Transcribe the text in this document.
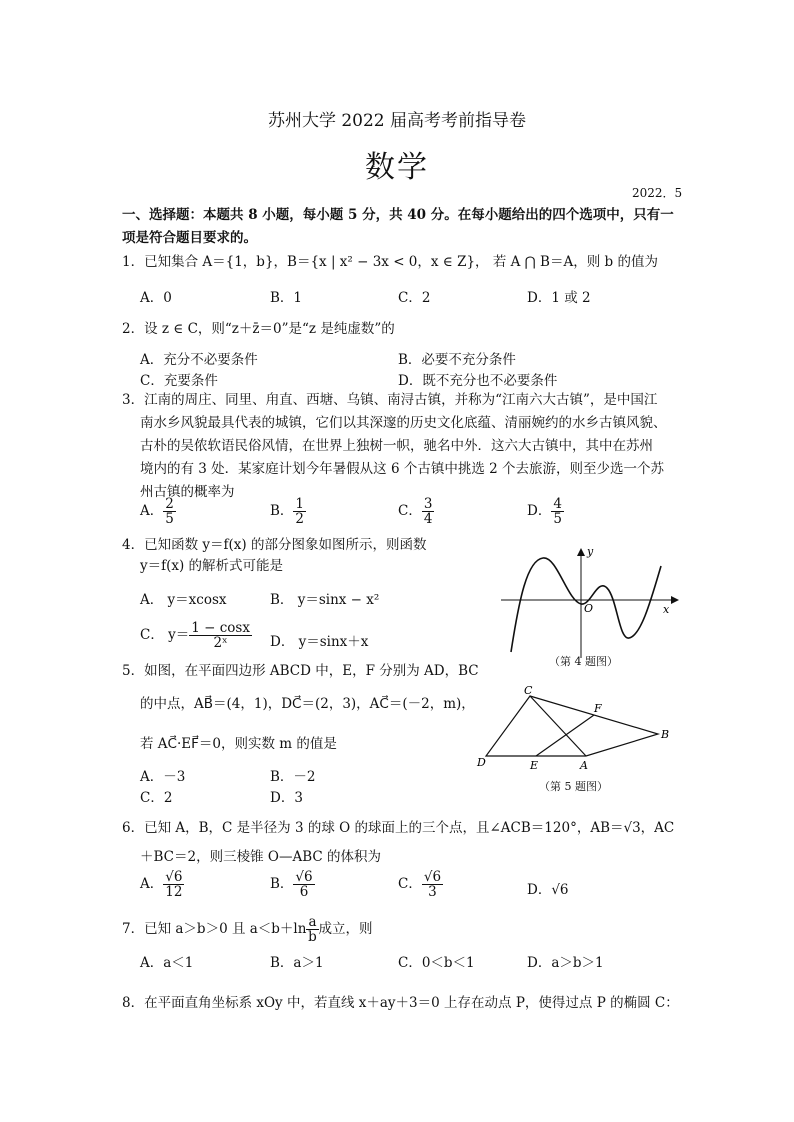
苏州大学 2022 届高考考前指导卷
数学
2022．5
一、选择题：本题共 8 小题，每小题 5 分，共 40 分。在每小题给出的四个选项中，只有一项是符合题目要求的。
1．已知集合 A＝{1，b}，B＝{x | x² − 3x < 0，x ∈ Z}， 若 A ⋂ B＝A，则 b 的值为
A．0	B．1	C．2	D．1 或 2
2．设 z ∈ C，则“z＋z̄＝0”是“z 是纯虚数”的
A．充分不必要条件	B．必要不充分条件
C．充要条件	D．既不充分也不必要条件
3．江南的周庄、同里、甪直、西塘、乌镇、南浔古镇，并称为“江南六大古镇”，是中国江
南水乡风貌最具代表的城镇，它们以其深邃的历史文化底蕴、清丽婉约的水乡古镇风貌、
古朴的吴侬软语民俗风情，在世界上独树一帜，驰名中外．这六大古镇中，其中在苏州
境内的有 3 处．某家庭计划今年暑假从这 6 个古镇中挑选 2 个去旅游，则至少选一个苏
州古镇的概率为
A． $\frac{2}{5}$	B． $\frac{1}{2}$	C． $\frac{3}{4}$	D． $\frac{4}{5}$
4．已知函数 y＝f(x) 的部分图象如图所示，则函数
y＝f(x) 的解析式可能是
A． y＝xcosx	B． y＝sinx − x²
C． $y= \frac{1 - \cos x}{\text{2ˣ}}$ D． y＝sinx＋x
y
x
O
（第 4 题图）
5．如图，在平面四边形 ABCD 中，E，F 分别为 AD，BC
的中点，AB⃗＝(4，1)，DC⃗＝(2，3)，AC⃗＝(－2，m)，
若 AC⃗·EF⃗＝0，则实数 m 的值是
A．－3	B．－2
C．2	D．3
C
F
B
D	E	A
（第 5 题图）
6．已知 A，B，C 是半径为 3 的球 O 的球面上的三个点，且∠ACB＝120°，AB＝√3，AC
＋BC＝2，则三棱锥 O—ABC 的体积为
A． $\frac{√6}{12}$	B． $\frac{√6}{6}$	C． $\frac{√6}{3}$	D．√6
7．已知 a＞b＞0 且 $a<b+\ln \frac{a}{b}$ 成立，则
A．a＜1	B．a＞1	C．0＜b＜1	D．a＞b＞1
8．在平面直角坐标系 xOy 中，若直线 x＋ay＋3＝0 上存在动点 P，使得过点 P 的椭圆 C：
